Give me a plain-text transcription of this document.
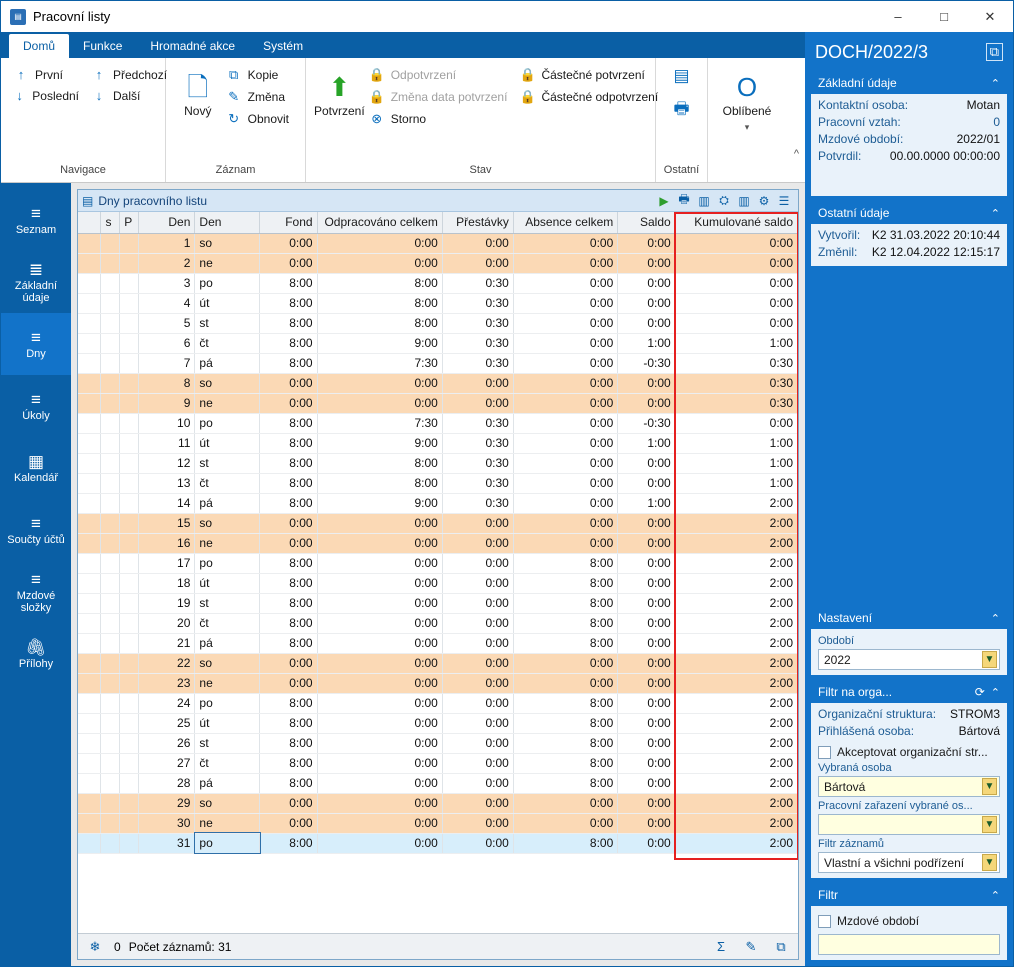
▤ Pracovní listy	–	□	✕
Domů	Funkce	Hromadné akce	Systém
↑ První
↓ Poslední
↑ Předchozí
↓ Další
Navigace
🗋
Nový
⧉ Kopie
✎ Změna
↻ Obnovit
Záznam
⬆
Potvrzení
🔒 Odpotvrzení
🔒 Změna data potvrzení
⊗ Storno
🔒 Částečné potvrzení
🔒 Částečné odpotvrzení
Stav
▤
🖶
Ostatní
O
Oblíbené
▾
^
≡
Seznam
≣
Základní údaje
≡
Dny
≡
Úkoly
▦
Kalendář
≡
Součty účtů
≡
Mzdové složky
🖇
Přílohy
▤ Dny pracovního listu	▶ 🖶 ▥ ⛭ ▥ ⚙ ☰
	s	P	Den	Den	Fond	Odpracováno celkem	Přestávky	Absence celkem	Saldo	Kumulované saldo
			1	so	0:00	0:00	0:00	0:00	0:00	0:00
			2	ne	0:00	0:00	0:00	0:00	0:00	0:00
			3	po	8:00	8:00	0:30	0:00	0:00	0:00
			4	út	8:00	8:00	0:30	0:00	0:00	0:00
			5	st	8:00	8:00	0:30	0:00	0:00	0:00
			6	čt	8:00	9:00	0:30	0:00	1:00	1:00
			7	pá	8:00	7:30	0:30	0:00	-0:30	0:30
			8	so	0:00	0:00	0:00	0:00	0:00	0:30
			9	ne	0:00	0:00	0:00	0:00	0:00	0:30
			10	po	8:00	7:30	0:30	0:00	-0:30	0:00
			11	út	8:00	9:00	0:30	0:00	1:00	1:00
			12	st	8:00	8:00	0:30	0:00	0:00	1:00
			13	čt	8:00	8:00	0:30	0:00	0:00	1:00
			14	pá	8:00	9:00	0:30	0:00	1:00	2:00
			15	so	0:00	0:00	0:00	0:00	0:00	2:00
			16	ne	0:00	0:00	0:00	0:00	0:00	2:00
			17	po	8:00	0:00	0:00	8:00	0:00	2:00
			18	út	8:00	0:00	0:00	8:00	0:00	2:00
			19	st	8:00	0:00	0:00	8:00	0:00	2:00
			20	čt	8:00	0:00	0:00	8:00	0:00	2:00
			21	pá	8:00	0:00	0:00	8:00	0:00	2:00
			22	so	0:00	0:00	0:00	0:00	0:00	2:00
			23	ne	0:00	0:00	0:00	0:00	0:00	2:00
			24	po	8:00	0:00	0:00	8:00	0:00	2:00
			25	út	8:00	0:00	0:00	8:00	0:00	2:00
			26	st	8:00	0:00	0:00	8:00	0:00	2:00
			27	čt	8:00	0:00	0:00	8:00	0:00	2:00
			28	pá	8:00	0:00	0:00	8:00	0:00	2:00
			29	so	0:00	0:00	0:00	0:00	0:00	2:00
			30	ne	0:00	0:00	0:00	0:00	0:00	2:00
			31	po	8:00	0:00	0:00	8:00	0:00	2:00
❄	0 Počet záznamů: 31	Σ	✎	⧉
DOCH/2022/3	⧉
Základní údaje	⌃
Kontaktní osoba:	Motan
Pracovní vztah:	0
Mzdové období:	2022/01
Potvrdil:	00.00.0000 00:00:00
Ostatní údaje	⌃
Vytvořil: K2 31.03.2022 20:10:44
Změnil:	K2 12.04.2022 12:15:17
Nastavení	⌃
Období
2022	▼
Filtr na orga...	⟳ ⌃
Organizační struktura:	STROM3
Přihlášená osoba:	Bártová
Akceptovat organizační str...
Vybraná osoba
Bártová	▼
Pracovní zařazení vybrané os...
▼
Filtr záznamů
Vlastní a všichni podřízení	▼
Filtr	⌃
Mzdové období
